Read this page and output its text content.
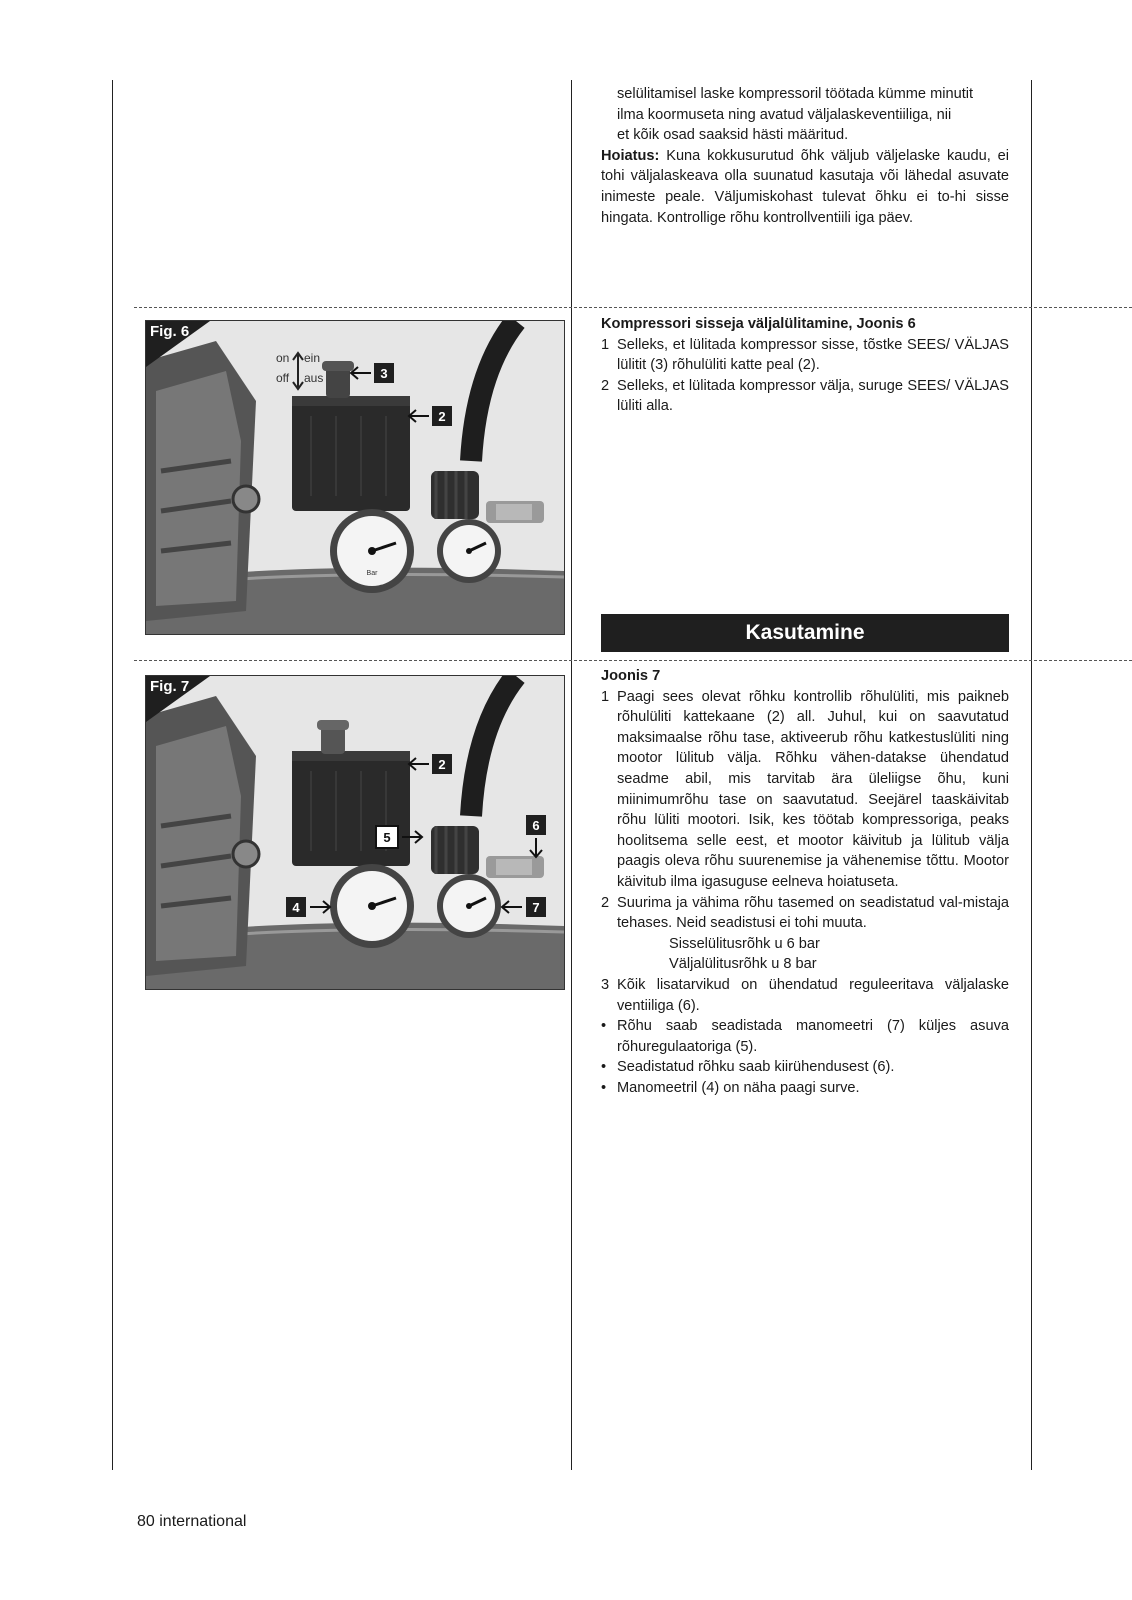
selülitamisel laske kompressoril töötada kümme minutit

ilma koormuseta ning avatud väljalaskeventiiliga, nii

et kõik osad saaksid hästi määritud.

Hoiatus: Kuna kokkusurutud õhk väljub väljelaske kaudu, ei tohi väljalaskeava olla suunatud kasutaja või lähedal asuvate inimeste peale. Väljumiskohast tulevat õhku ei to-hi sisse hingata. Kontrollige rõhu kontrollventiili iga päev.

Kompressori sisseja väljalülitamine, Joonis 6

1 Selleks, et lülitada kompressor sisse, tõstke SEES/ VÄLJAS lülitit (3) rõhulüliti katte peal (2).
2 Selleks, et lülitada kompressor välja, suruge SEES/ VÄLJAS lüliti alla.
Kasutamine

Joonis 7

1 Paagi sees olevat rõhku kontrollib rõhulüliti, mis paikneb rõhulüliti kattekaane (2) all. Juhul, kui on saavutatud maksimaalse rõhu tase, aktiveerub rõhu katkestuslüliti ning mootor lülitub välja. Rõhku vähen-datakse ühendatud seadme abil, mis tarvitab ära üleliigse õhu, kuni miinimumrõhu tase on saavutatud. Seejärel taaskäivitab rõhu lüliti mootori. Isik, kes töötab kompressoriga, peaks hoolitsema selle eest, et mootor käivitub ja lülitub välja paagis oleva rõhu suurenemise ja vähenemise tõttu. Mootor käivitub ilma igasuguse eelneva hoiatuseta.
2 Suurima ja vähima rõhu tasemed on seadistatud val-mistaja tehases. Neid seadistusi ei tohi muuta.

Sisselülitusrõhk u 6 bar

Väljalülitusrõhk u 8 bar

3 Kõik lisatarvikud on ühendatud reguleeritava väljalaske ventiiliga (6).
• Rõhu saab seadistada manomeetri (7) küljes asuva rõhuregulaatoriga (5).
• Seadistatud rõhku saab kiirühendusest (6).
• Manomeetril (4) on näha paagi surve.
Bar
Fig. 6
on ein
off aus	3
2
Fig. 7
2
5
6
4	7
80 international
